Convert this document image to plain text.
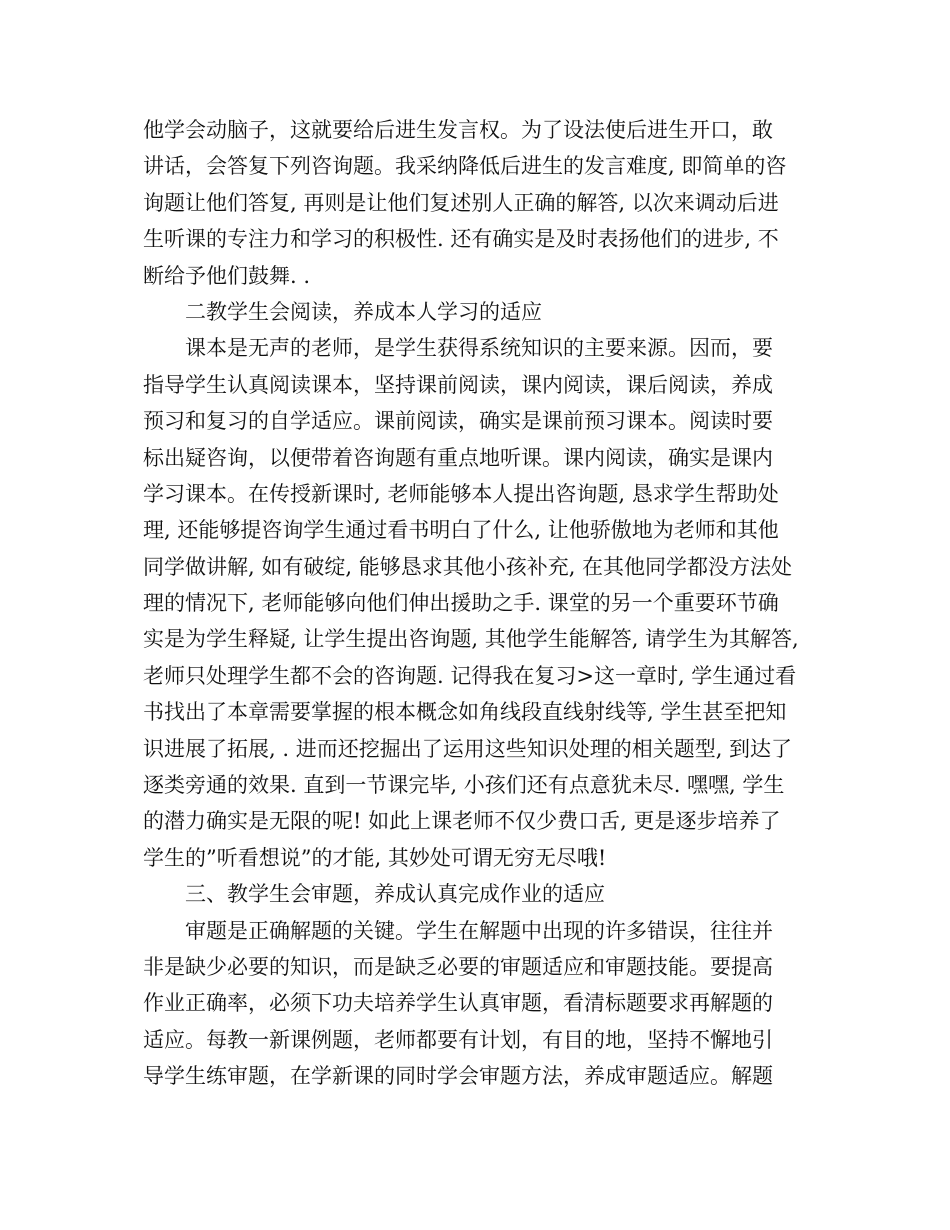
他学会动脑子，这就要给后进生发言权。为了设法使后进生开口，敢
讲话，会答复下列咨询题。我采纳降低后进生的发言难度, 即简单的咨
询题让他们答复, 再则是让他们复述别人正确的解答, 以次来调动后进
生听课的专注力和学习的积极性. 还有确实是及时表扬他们的进步, 不
断给予他们鼓舞. .
二教学生会阅读，养成本人学习的适应
课本是无声的老师，是学生获得系统知识的主要来源。因而，要
指导学生认真阅读课本，坚持课前阅读，课内阅读，课后阅读，养成
预习和复习的自学适应。课前阅读，确实是课前预习课本。阅读时要
标出疑咨询，以便带着咨询题有重点地听课。课内阅读，确实是课内
学习课本。在传授新课时, 老师能够本人提出咨询题, 恳求学生帮助处
理, 还能够提咨询学生通过看书明白了什么, 让他骄傲地为老师和其他
同学做讲解, 如有破绽, 能够恳求其他小孩补充, 在其他同学都没方法处
理的情况下, 老师能够向他们伸出援助之手. 课堂的另一个重要环节确
实是为学生释疑, 让学生提出咨询题, 其他学生能解答, 请学生为其解答,
老师只处理学生都不会的咨询题. 记得我在复习>这一章时, 学生通过看
书找出了本章需要掌握的根本概念如角线段直线射线等, 学生甚至把知
识进展了拓展, . 进而还挖掘出了运用这些知识处理的相关题型, 到达了
逐类旁通的效果. 直到一节课完毕, 小孩们还有点意犹未尽. 嘿嘿, 学生
的潜力确实是无限的呢! 如此上课老师不仅少费口舌, 更是逐步培养了
学生的”听看想说”的才能, 其妙处可谓无穷无尽哦!
三、教学生会审题，养成认真完成作业的适应
审题是正确解题的关键。学生在解题中出现的许多错误，往往并
非是缺少必要的知识，而是缺乏必要的审题适应和审题技能。要提高
作业正确率，必须下功夫培养学生认真审题，看清标题要求再解题的
适应。每教一新课例题，老师都要有计划，有目的地，坚持不懈地引
导学生练审题，在学新课的同时学会审题方法，养成审题适应。解题
